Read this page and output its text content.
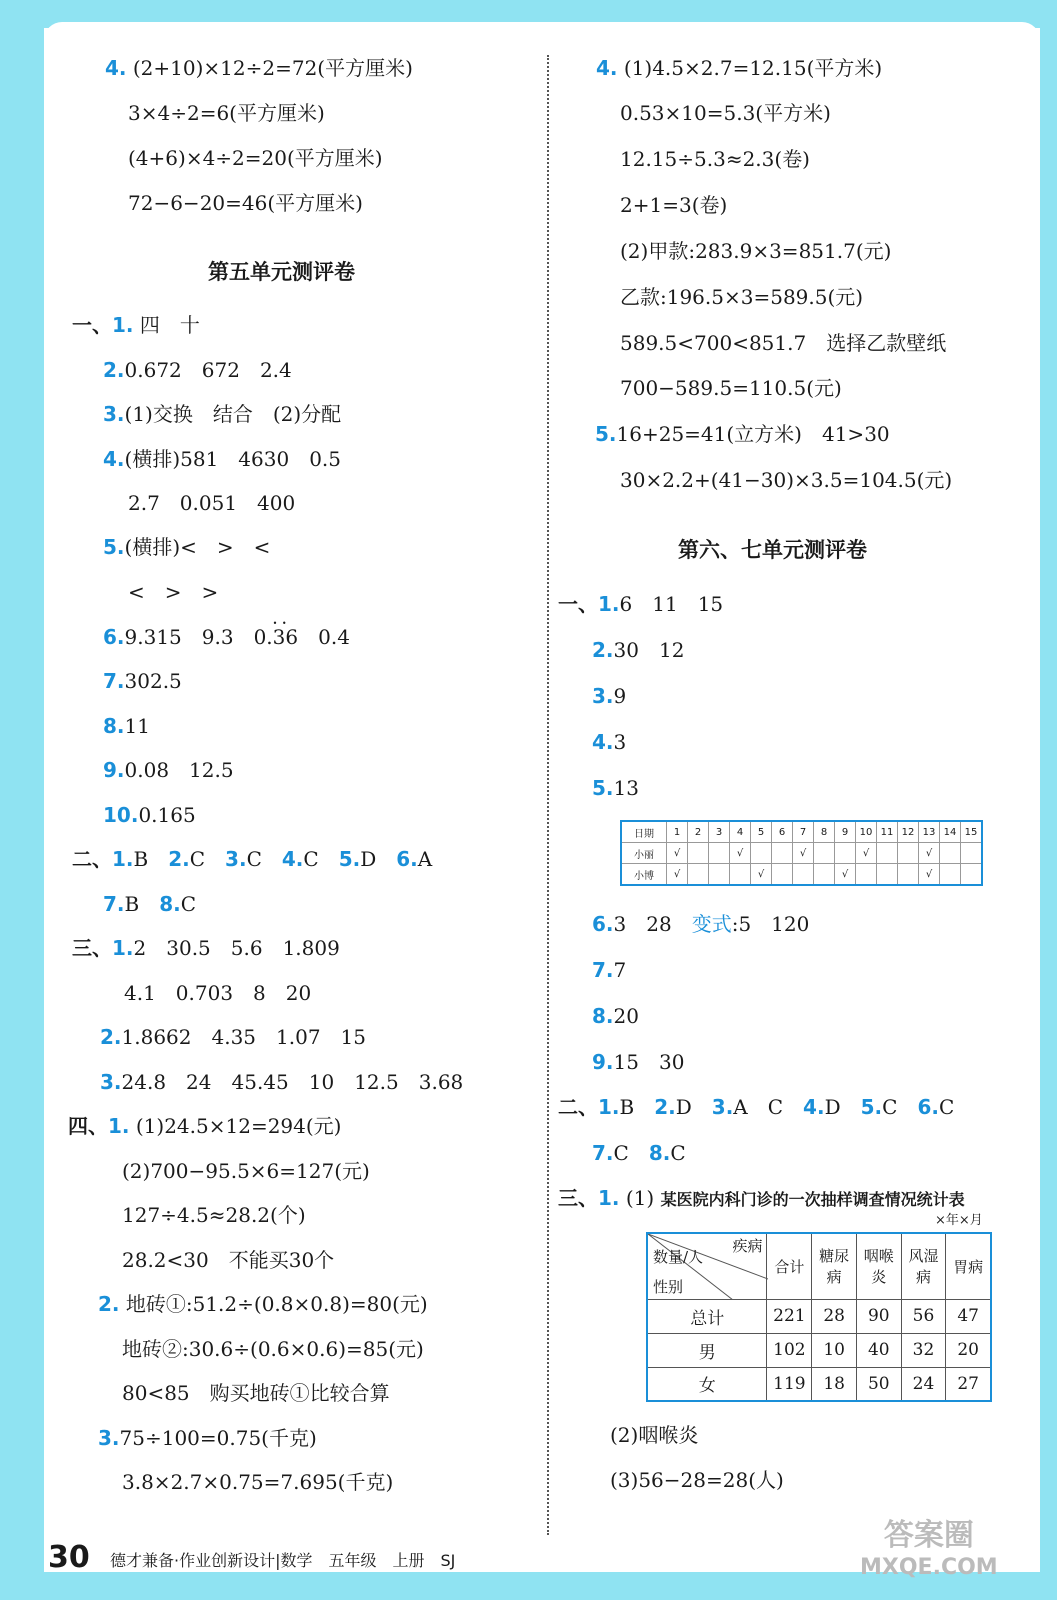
4. (2+10)×12÷2=72(平方厘米)
3×4÷2=6(平方厘米)
(4+6)×4÷2=20(平方厘米)
72−6−20=46(平方厘米)
第五单元测评卷
一、1. 四　十
2.0.672　672　2.4
3.(1)交换　结合　(2)分配
4.(横排)581　4630　0.5
2.7　0.051　400
5.(横排)<　>　<
<　>　>
6.9.315　9.3　0.• • 36　0.4
7.302.5
8.11
9.0.08　12.5
10.0.165
二、1.B　 2.C　 3.C　 4.C　 5.D　 6.A
7.B　 8.C
三、1.2　30.5　5.6　1.809
4.1　0.703　8　20
2.1.8662　4.35　1.07　15
3.24.8　24　45.45　10　12.5　3.68
四、1. (1)24.5×12=294(元)
(2)700−95.5×6=127(元)
127÷4.5≈28.2(个)
28.2<30　不能买30个
2. 地砖①:51.2÷(0.8×0.8)=80(元)
地砖②:30.6÷(0.6×0.6)=85(元)
80<85　购买地砖①比较合算
3.75÷100=0.75(千克)
3.8×2.7×0.75=7.695(千克)
4. (1)4.5×2.7=12.15(平方米)
0.53×10=5.3(平方米)
12.15÷5.3≈2.3(卷)
2+1=3(卷)
(2)甲款:283.9×3=851.7(元)
乙款:196.5×3=589.5(元)
589.5<700<851.7　选择乙款壁纸
700−589.5=110.5(元)
5.16+25=41(立方米)　41>30
30×2.2+(41−30)×3.5=104.5(元)
第六、七单元测评卷
一、1.6　11　15
2.30　12
3.9
4.3
5.13
日期	1	2	3	4	5	6	7	8	9	10	11	12	13	14	15
小丽	√			√			√			√			√		
小博	√				√				√				√		
6.3　28　变式:5　120
7.7
8.20
9.15　30
二、1.B　 2.D　 3.A　C　 4.D　 5.C　 6.C
7.C　 8.C
三、1. (1) 某医院内科门诊的一次抽样调查情况统计表
×年×月
疾病
数量/人
性别	合计	糖尿病	咽喉炎	风湿病	胃病
总计	221	28	90	56	47
男	102	10	40	32	20
女	119	18	50	24	27
(2)咽喉炎
(3)56−28=28(人)
30 德才兼备·作业创新设计|数学　五年级　上册　SJ
答案圈
MXQE.COM
